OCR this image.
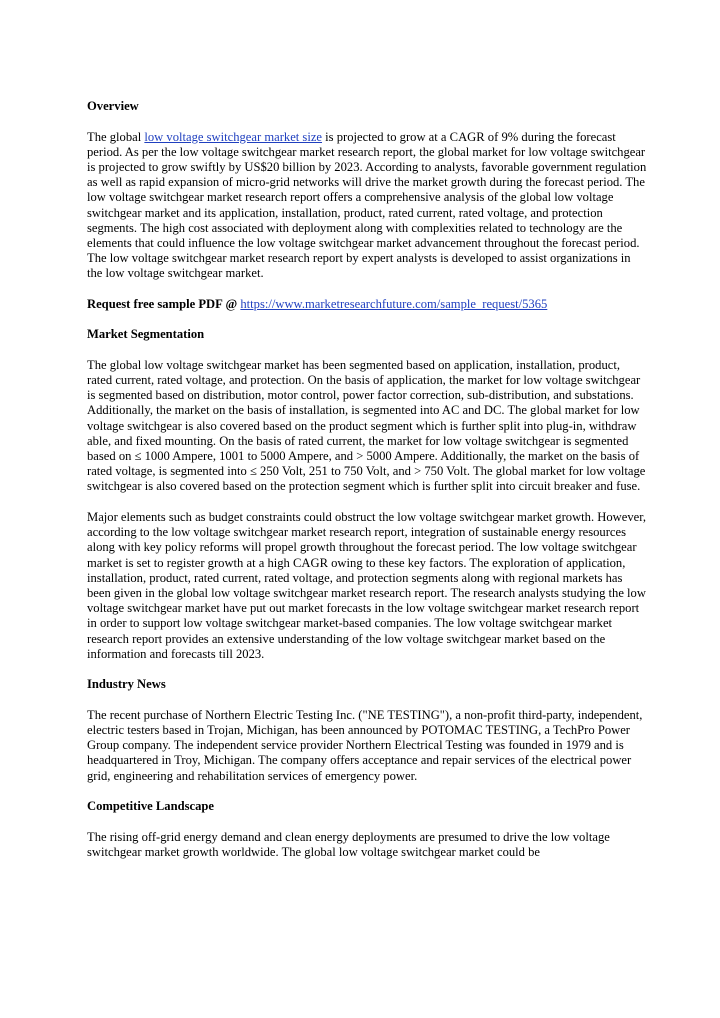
Overview

The global low voltage switchgear market size is projected to grow at a CAGR of 9% during the forecast period. As per the low voltage switchgear market research report, the global market for low voltage switchgear is projected to grow swiftly by US$20 billion by 2023. According to analysts, favorable government regulation as well as rapid expansion of micro-grid networks will drive the market growth during the forecast period. The low voltage switchgear market research report offers a comprehensive analysis of the global low voltage switchgear market and its application, installation, product, rated current, rated voltage, and protection segments. The high cost associated with deployment along with complexities related to technology are the elements that could influence the low voltage switchgear market advancement throughout the forecast period. The low voltage switchgear market research report by expert analysts is developed to assist organizations in the low voltage switchgear market.

Request free sample PDF @ https://www.marketresearchfuture.com/sample_request/5365

Market Segmentation

The global low voltage switchgear market has been segmented based on application, installation, product, rated current, rated voltage, and protection. On the basis of application, the market for low voltage switchgear is segmented based on distribution, motor control, power factor correction, sub-distribution, and substations. Additionally, the market on the basis of installation, is segmented into AC and DC. The global market for low voltage switchgear is also covered based on the product segment which is further split into plug-in, withdraw able, and fixed mounting. On the basis of rated current, the market for low voltage switchgear is segmented based on ≤ 1000 Ampere, 1001 to 5000 Ampere, and > 5000 Ampere. Additionally, the market on the basis of rated voltage, is segmented into ≤ 250 Volt, 251 to 750 Volt, and > 750 Volt. The global market for low voltage switchgear is also covered based on the protection segment which is further split into circuit breaker and fuse.

Major elements such as budget constraints could obstruct the low voltage switchgear market growth. However, according to the low voltage switchgear market research report, integration of sustainable energy resources along with key policy reforms will propel growth throughout the forecast period. The low voltage switchgear market is set to register growth at a high CAGR owing to these key factors. The exploration of application, installation, product, rated current, rated voltage, and protection segments along with regional markets has been given in the global low voltage switchgear market research report. The research analysts studying the low voltage switchgear market have put out market forecasts in the low voltage switchgear market research report in order to support low voltage switchgear market-based companies. The low voltage switchgear market research report provides an extensive understanding of the low voltage switchgear market based on the information and forecasts till 2023.

Industry News

The recent purchase of Northern Electric Testing Inc. ("NE TESTING"), a non-profit third-party, independent, electric testers based in Trojan, Michigan, has been announced by POTOMAC TESTING, a TechPro Power Group company. The independent service provider Northern Electrical Testing was founded in 1979 and is headquartered in Troy, Michigan. The company offers acceptance and repair services of the electrical power grid, engineering and rehabilitation services of emergency power.

Competitive Landscape

The rising off-grid energy demand and clean energy deployments are presumed to drive the low voltage switchgear market growth worldwide. The global low voltage switchgear market could be
